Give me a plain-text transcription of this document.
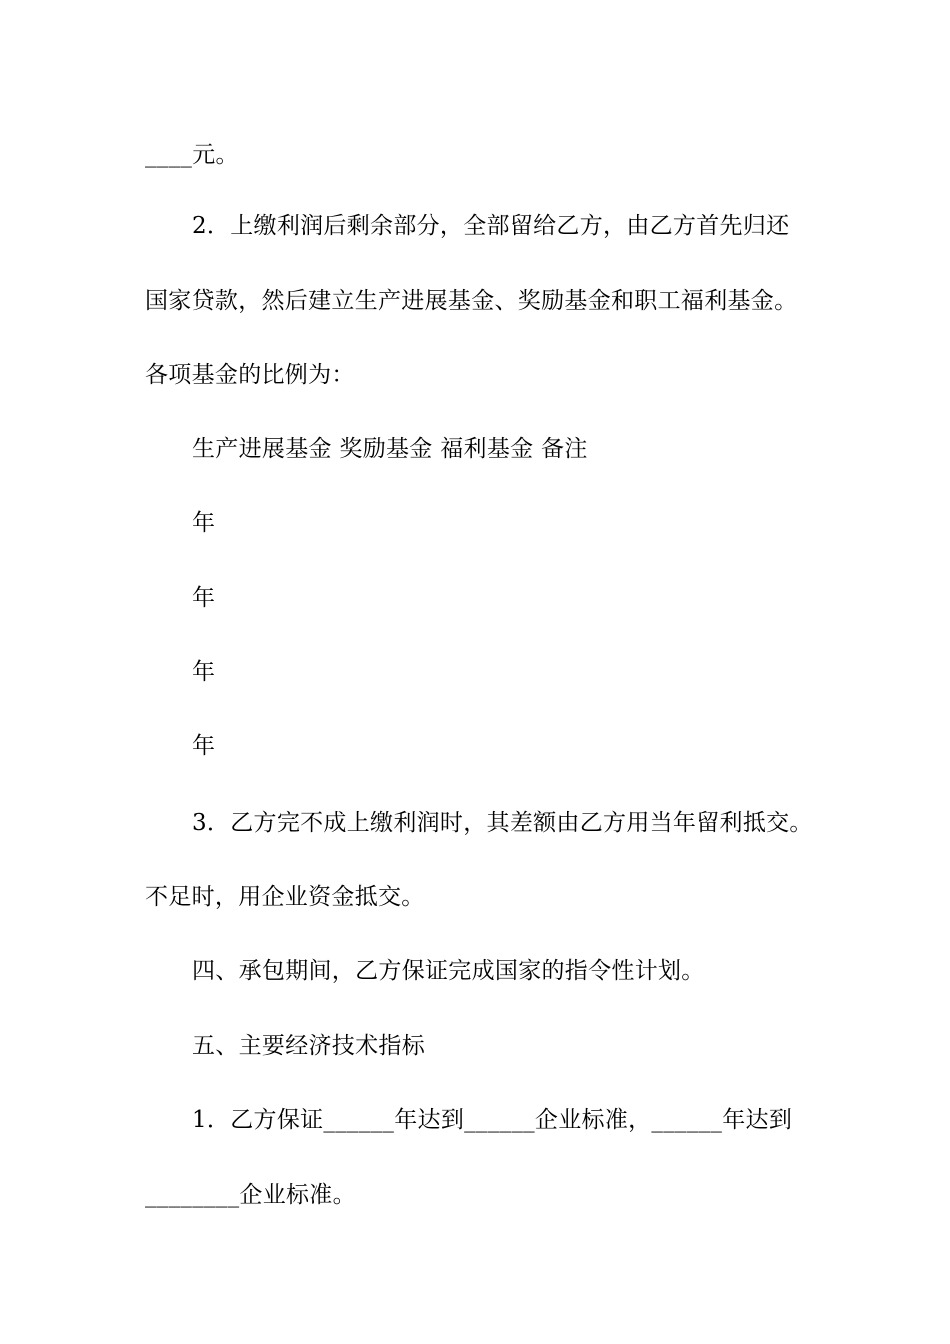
____元。
2．上缴利润后剩余部分，全部留给乙方，由乙方首先归还
国家贷款，然后建立生产进展基金、奖励基金和职工福利基金。
各项基金的比例为：
生产进展基金 奖励基金 福利基金 备注
年
年
年
年
3．乙方完不成上缴利润时，其差额由乙方用当年留利抵交。
不足时，用企业资金抵交。
四、承包期间，乙方保证完成国家的指令性计划。
五、主要经济技术指标
1．乙方保证______年达到______企业标准，______年达到
________企业标准。
